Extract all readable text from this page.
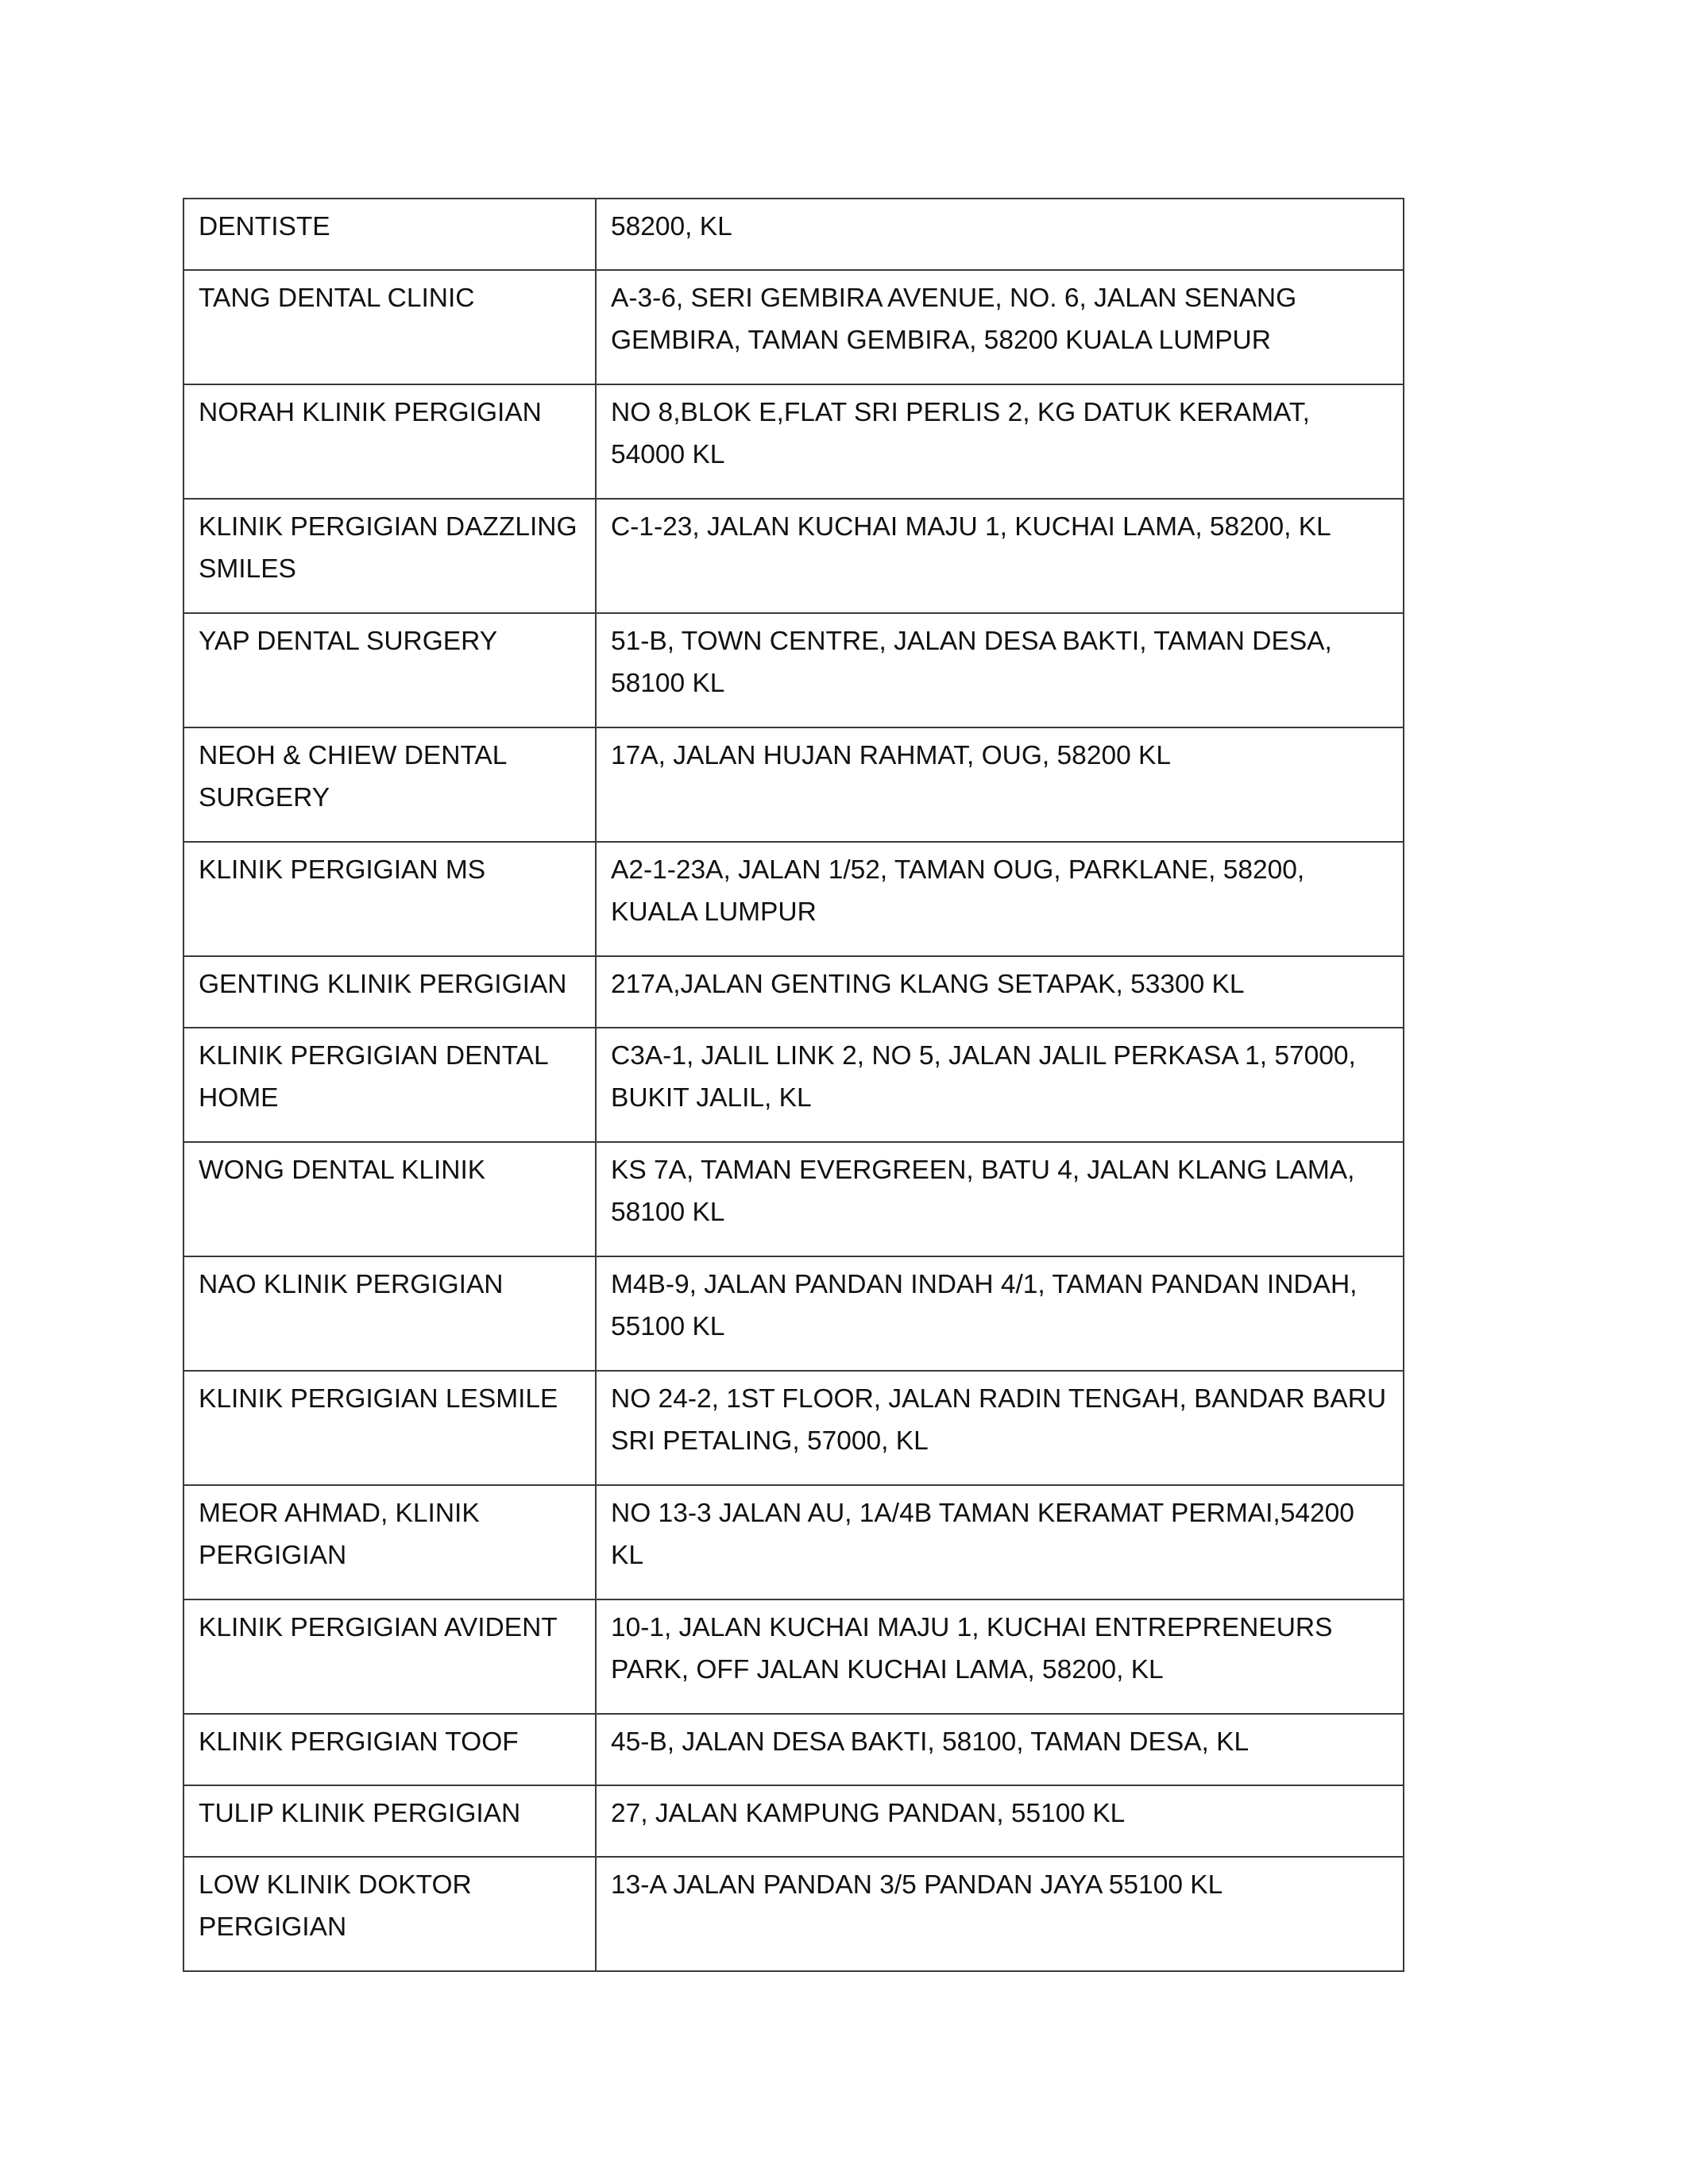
DENTISTE	58200, KL
TANG DENTAL CLINIC	A-3-6, SERI GEMBIRA AVENUE, NO. 6, JALAN SENANG GEMBIRA, TAMAN GEMBIRA, 58200 KUALA LUMPUR
NORAH KLINIK PERGIGIAN	NO 8,BLOK E,FLAT SRI PERLIS 2, KG DATUK KERAMAT, 54000 KL
KLINIK PERGIGIAN DAZZLING SMILES	C-1-23, JALAN KUCHAI MAJU 1, KUCHAI LAMA, 58200, KL
YAP DENTAL SURGERY	51-B, TOWN CENTRE, JALAN DESA BAKTI, TAMAN DESA, 58100 KL
NEOH & CHIEW DENTAL SURGERY	17A, JALAN HUJAN RAHMAT, OUG, 58200 KL
KLINIK PERGIGIAN MS	A2-1-23A, JALAN 1/52, TAMAN OUG, PARKLANE, 58200, KUALA LUMPUR
GENTING KLINIK PERGIGIAN	217A,JALAN GENTING KLANG SETAPAK, 53300 KL
KLINIK PERGIGIAN DENTAL HOME	C3A-1, JALIL LINK 2, NO 5, JALAN JALIL PERKASA 1, 57000, BUKIT JALIL, KL
WONG DENTAL KLINIK	KS 7A, TAMAN EVERGREEN, BATU 4, JALAN KLANG LAMA, 58100 KL
NAO KLINIK PERGIGIAN	M4B-9, JALAN PANDAN INDAH 4/1, TAMAN PANDAN INDAH, 55100 KL
KLINIK PERGIGIAN LESMILE	NO 24-2, 1ST FLOOR, JALAN RADIN TENGAH, BANDAR BARU SRI PETALING, 57000, KL
MEOR AHMAD, KLINIK PERGIGIAN	NO 13-3 JALAN AU, 1A/4B TAMAN KERAMAT PERMAI,54200 KL
KLINIK PERGIGIAN AVIDENT	10-1, JALAN KUCHAI MAJU 1, KUCHAI ENTREPRENEURS PARK, OFF JALAN KUCHAI LAMA, 58200, KL
KLINIK PERGIGIAN TOOF	45-B, JALAN DESA BAKTI, 58100, TAMAN DESA, KL
TULIP KLINIK PERGIGIAN	27, JALAN KAMPUNG PANDAN, 55100 KL
LOW KLINIK DOKTOR PERGIGIAN	13-A JALAN PANDAN 3/5 PANDAN JAYA 55100 KL
